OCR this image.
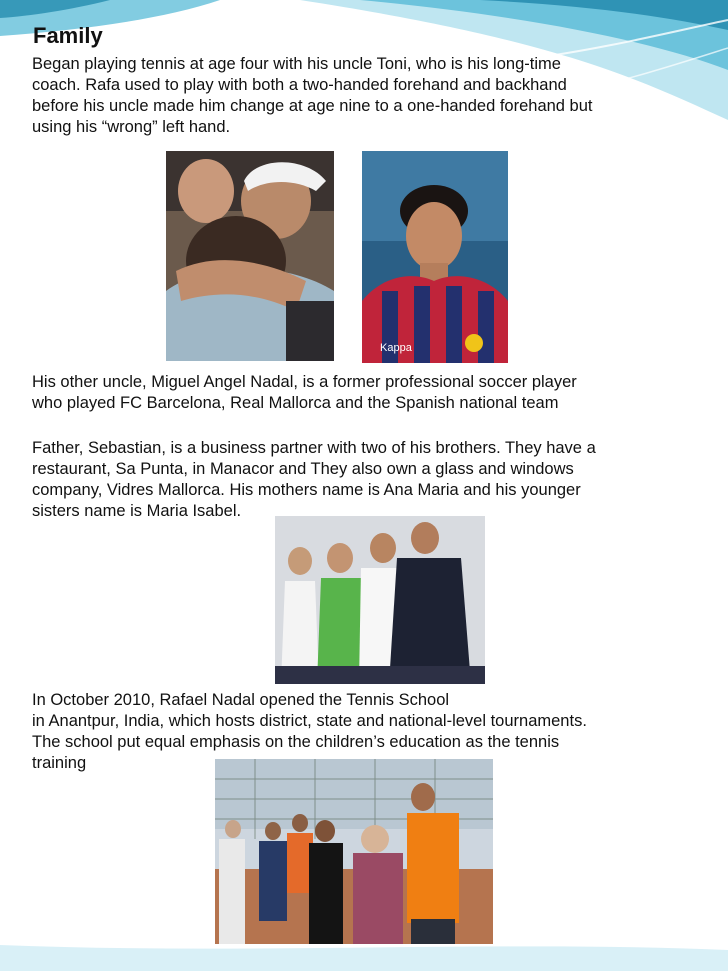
Family
Began playing tennis at age four with his uncle Toni, who is his long-time
coach. Rafa used to play with both a two-handed forehand and backhand
before his uncle made him change at age nine to a one-handed forehand but
using his “wrong” left hand.
Kappa
His other uncle, Miguel Angel Nadal, is a former professional soccer player
who played FC Barcelona, Real Mallorca and the Spanish national team
Father, Sebastian, is a business partner with two of his brothers. They have a
restaurant, Sa Punta, in Manacor and They also own a glass and windows
company, Vidres Mallorca. His mothers name is Ana Maria and his younger
sisters name is Maria Isabel.
In October 2010, Rafael Nadal opened the Tennis School
in Anantpur, India, which hosts district, state and national-level tournaments.
The school put equal emphasis on the children’s education as the tennis
training
